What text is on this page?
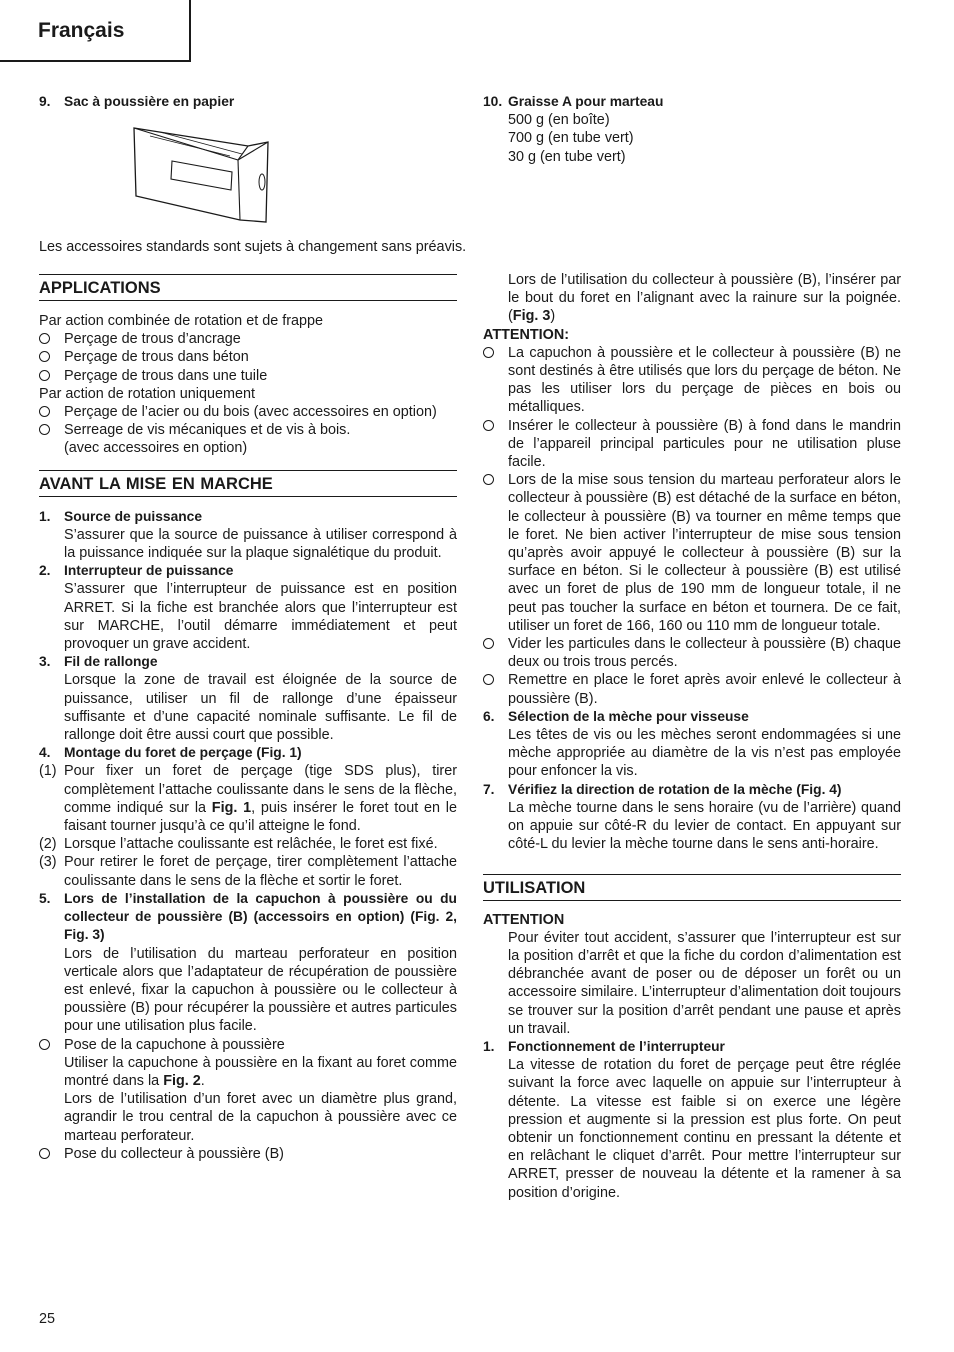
Français
9. Sac à poussière en papier	10. Graisse A pour marteau

500 g (en boîte)

700 g (en tube vert)

30 g (en tube vert)

Les accessoires standards sont sujets à changement sans préavis.
APPLICATIONS

Par action combinée de rotation et de frappe

Perçage de trous d’ancrage
Perçage de trous dans béton
Perçage de trous dans une tuile

Par action de rotation uniquement

Perçage de l’acier ou du bois (avec accessoires en option)
Serreage de vis mécaniques et de vis à bois.

(avec accessoires en option)

AVANT LA MISE EN MARCHE
1. Source de puissance

S’assurer que la source de puissance à utiliser correspond à la puissance indiquée sur la plaque signalétique du produit.

2. Interrupteur de puissance

S’assurer que l’interrupteur de puissance est en position ARRET. Si la fiche est branchée alors que l’interrupteur est sur MARCHE, l’outil démarre immédiatement et peut provoquer un grave accident.

3. Fil de rallonge

Lorsque la zone de travail est éloignée de la source de puissance, utiliser un fil de rallonge d’une épaisseur suffisante et d’une capacité nominale suffisante. Le fil de rallonge doit être aussi court que possible.

4. Montage du foret de perçage (Fig. 1)
(1) Pour fixer un foret de perçage (tige SDS plus), tirer complètement l’attache coulissante dans le sens de la flèche, comme indiqué sur la Fig. 1, puis insérer le foret tout en le faisant tourner jusqu’à ce qu’il atteigne le fond.
(2) Lorsque l’attache coulissante est relâchée, le foret est fixé.
(3) Pour retirer le foret de perçage, tirer complètement l’attache coulissante dans le sens de la flèche et sortir le foret.
5. Lors de l’installation de la capuchon à poussière ou du collecteur de poussière (B) (accessoirs en option) (Fig. 2, Fig. 3)

Lors de l’utilisation du marteau perforateur en position verticale alors que l’adaptateur de récupération de poussière est enlevé, fixar la capuchon à poussière ou le collecteur à poussière (B) pour récupérer la poussière et autres particules pour une utilisation plus facile.

Pose de la capuchone à poussière

Utiliser la capuchone à poussière en la fixant au foret comme montré dans la Fig. 2.

Lors de l’utilisation d’un foret avec un diamètre plus grand, agrandir le trou central de la capuchon à poussière avec ce marteau perforateur.

Pose du collecteur à poussière (B)

Lors de l’utilisation du collecteur à poussière (B), l’insérer par le bout du foret en l’alignant avec la rainure sur la poignée. (Fig. 3)

ATTENTION:

La capuchon à poussière et le collecteur à poussière (B) ne sont destinés à être utilisés que lors du perçage de béton. Ne pas les utiliser lors du perçage de pièces en bois ou métalliques.
Insérer le collecteur à poussière (B) à fond dans le mandrin de l’appareil principal particules pour ne utilisation pluse facile.
Lors de la mise sous tension du marteau perforateur alors le collecteur à poussière (B) est détaché de la surface en béton, le collecteur à poussière (B) va tourner en même temps que le foret. Ne bien activer l’interrupteur de mise sous tension qu’après avoir appuyé le collecteur à poussière (B) sur la surface en béton. Si le collecteur à poussière (B) est utilisé avec un foret de plus de 190 mm de longueur totale, il ne peut pas toucher la surface en béton et tournera. De ce fait, utiliser un foret de 166, 160 ou 110 mm de longueur totale.
Vider les particules dans le collecteur à poussière (B) chaque deux ou trois trous percés.
Remettre en place le foret après avoir enlevé le collecteur à poussière (B).
6. Sélection de la mèche pour visseuse

Les têtes de vis ou les mèches seront endommagées si une mèche appropriée au diamètre de la vis n’est pas employée pour enfoncer la vis.

7. Vérifiez la direction de rotation de la mèche (Fig. 4)

La mèche tourne dans le sens horaire (vu de l’arrière) quand on appuie sur côté-R du levier de contact. En appuyant sur côté-L du levier la mèche tourne dans le sens anti-horaire.

UTILISATION

ATTENTION

Pour éviter tout accident, s’assurer que l’interrupteur est sur la position d’arrêt et que la fiche du cordon d’alimentation est débranchée avant de poser ou de déposer un forêt ou un accessoire similaire. L’interrupteur d’alimentation doit toujours se trouver sur la position d’arrêt pendant une pause et après un travail.

1. Fonctionnement de l’interrupteur

La vitesse de rotation du foret de perçage peut être réglée suivant la force avec laquelle on appuie sur l’interrupteur à détente. La vitesse est faible si on exerce une légère pression et augmente si la pression est plus forte. On peut obtenir un fonctionnement continu en pressant la détente et en relâchant le cliquet d’arrêt. Pour mettre l’interrupteur sur ARRET, presser de nouveau la détente et la ramener à sa position d’origine.

25
